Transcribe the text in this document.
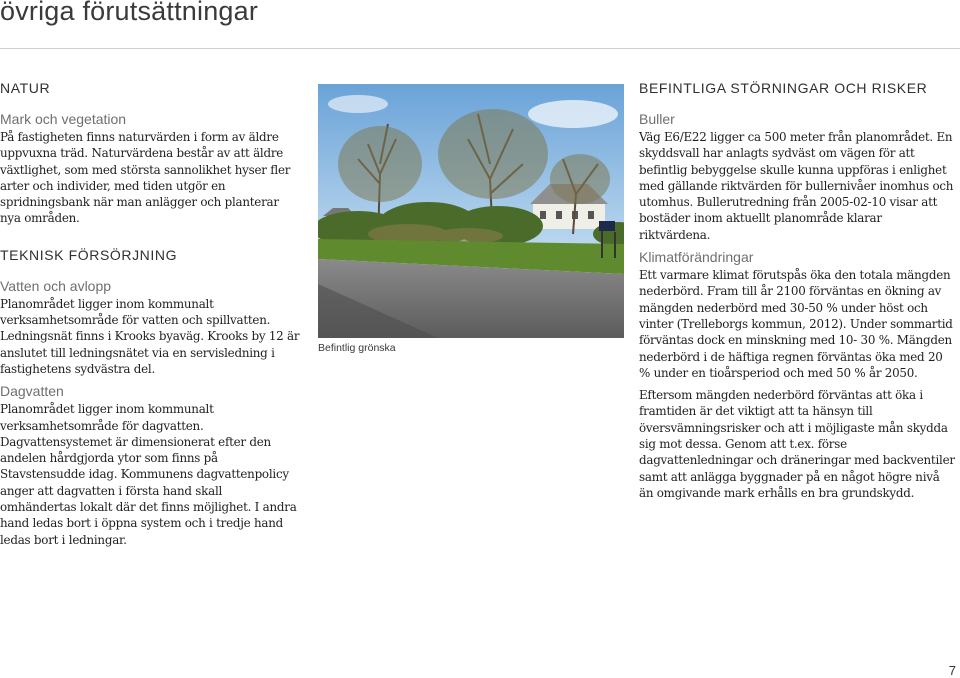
övriga förutsättningar
NATUR
Mark och vegetation

På fastigheten finns naturvärden i form av äldre uppvuxna träd. Naturvärdena består av att äldre växtlighet, som med största sannolikhet hyser fler arter och individer, med tiden utgör en spridningsbank när man anlägger och planterar nya områden.

TEKNISK FÖRSÖRJNING
Vatten och avlopp

Planområdet ligger inom kommunalt verksamhetsområde för vatten och spillvatten. Ledningsnät finns i Krooks byaväg. Krooks by 12 är anslutet till ledningsnätet via en servisledning i fastighetens sydvästra del.

Dagvatten

Planområdet ligger inom kommunalt verksamhetsområde för dagvatten.

Dagvattensystemet är dimensionerat efter den andelen hårdgjorda ytor som finns på Stavstensudde idag. Kommunens dagvattenpolicy anger att dagvatten i första hand skall omhändertas lokalt där det finns möjlighet. I andra hand ledas bort i öppna system och i tredje hand ledas bort i ledningar.

Befintlig grönska
BEFINTLIGA STÖRNINGAR OCH RISKER
Buller

Väg E6/E22 ligger ca 500 meter från planområdet. En skyddsvall har anlagts sydväst om vägen för att befintlig bebyggelse skulle kunna uppföras i enlighet med gällande riktvärden för bullernivåer inomhus och utomhus. Bullerutredning från 2005-02-10 visar att bostäder inom aktuellt planområde klarar riktvärdena.

Klimatförändringar

Ett varmare klimat förutspås öka den totala mängden nederbörd. Fram till år 2100 förväntas en ökning av mängden nederbörd med 30-50 % under höst och vinter (Trelleborgs kommun, 2012). Under sommartid förväntas dock en minskning med 10- 30 %. Mängden nederbörd i de häftiga regnen förväntas öka med 20 % under en tioårsperiod och med 50 % år 2050.

Eftersom mängden nederbörd förväntas att öka i framtiden är det viktigt att ta hänsyn till översvämningsrisker och att i möjligaste mån skydda sig mot dessa. Genom att t.ex. förse dagvattenledningar och dräneringar med backventiler samt att anlägga byggnader på en något högre nivå än omgivande mark erhålls en bra grundskydd.

7
